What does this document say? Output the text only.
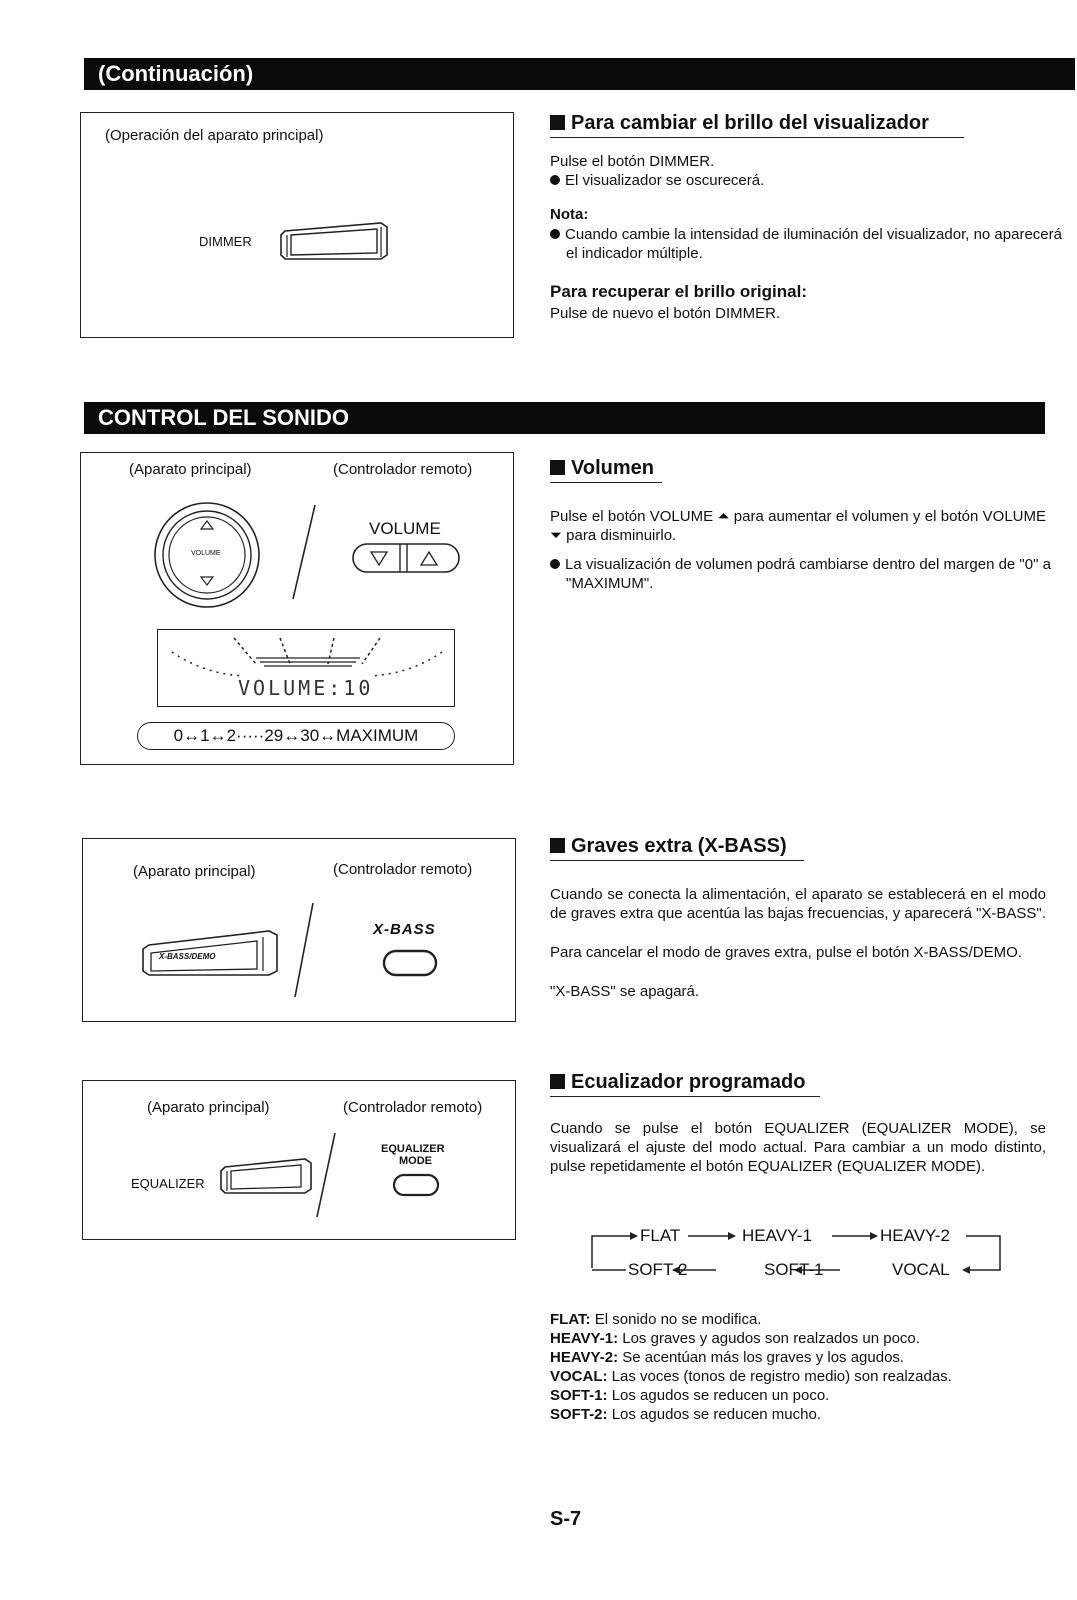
(Continuación)
(Operación del aparato principal)
DIMMER
Para cambiar el brillo del visualizador
Pulse el botón DIMMER.
El visualizador se oscurecerá.
Nota:
Cuando cambie la intensidad de iluminación del visualizador, no aparecerá el indicador múltiple.
Para recuperar el brillo original:
Pulse de nuevo el botón DIMMER.
CONTROL DEL SONIDO
(Aparato principal)	(Controlador remoto)
VOLUME
VOLUME
VOLUME:10
0↔1↔2·····29↔30↔MAXIMUM
Volumen
Pulse el botón VOLUME ⏶ para aumentar el volumen y el botón VOLUME ⏷ para disminuirlo.
La visualización de volumen podrá cambiarse dentro del margen de "0" a "MAXIMUM".
(Aparato principal)	(Controlador remoto)
X-BASS/DEMO
X-BASS
Graves extra (X-BASS)
Cuando se conecta la alimentación, el aparato se establecerá en el modo de graves extra que acentúa las bajas frecuencias, y aparecerá "X-BASS".
Para cancelar el modo de graves extra, pulse el botón X-BASS/DEMO.
"X-BASS" se apagará.
(Aparato principal)	(Controlador remoto)
EQUALIZER
EQUALIZER
MODE
Ecualizador programado
Cuando se pulse el botón EQUALIZER (EQUALIZER MODE), se visualizará el ajuste del modo actual. Para cambiar a un modo distinto, pulse repetidamente el botón EQUALIZER (EQUALIZER MODE).
FLAT	HEAVY-1	HEAVY-2
VOCAL
SOFT-1
SOFT-2
FLAT: El sonido no se modifica.
HEAVY-1: Los graves y agudos son realzados un poco.
HEAVY-2: Se acentúan más los graves y los agudos.
VOCAL: Las voces (tonos de registro medio) son realzadas.
SOFT-1: Los agudos se reducen un poco.
SOFT-2: Los agudos se reducen mucho.
S-7
